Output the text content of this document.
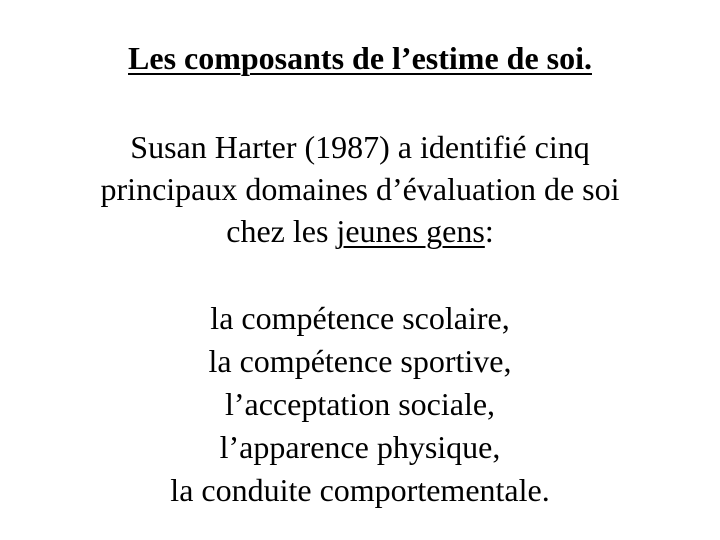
Les composants de l’estime de soi.
Susan Harter (1987) a identifié cinq
principaux domaines d’évaluation de soi
chez les jeunes gens:
la compétence scolaire,
la compétence sportive,
l’acceptation sociale,
l’apparence physique,
la conduite comportementale.
